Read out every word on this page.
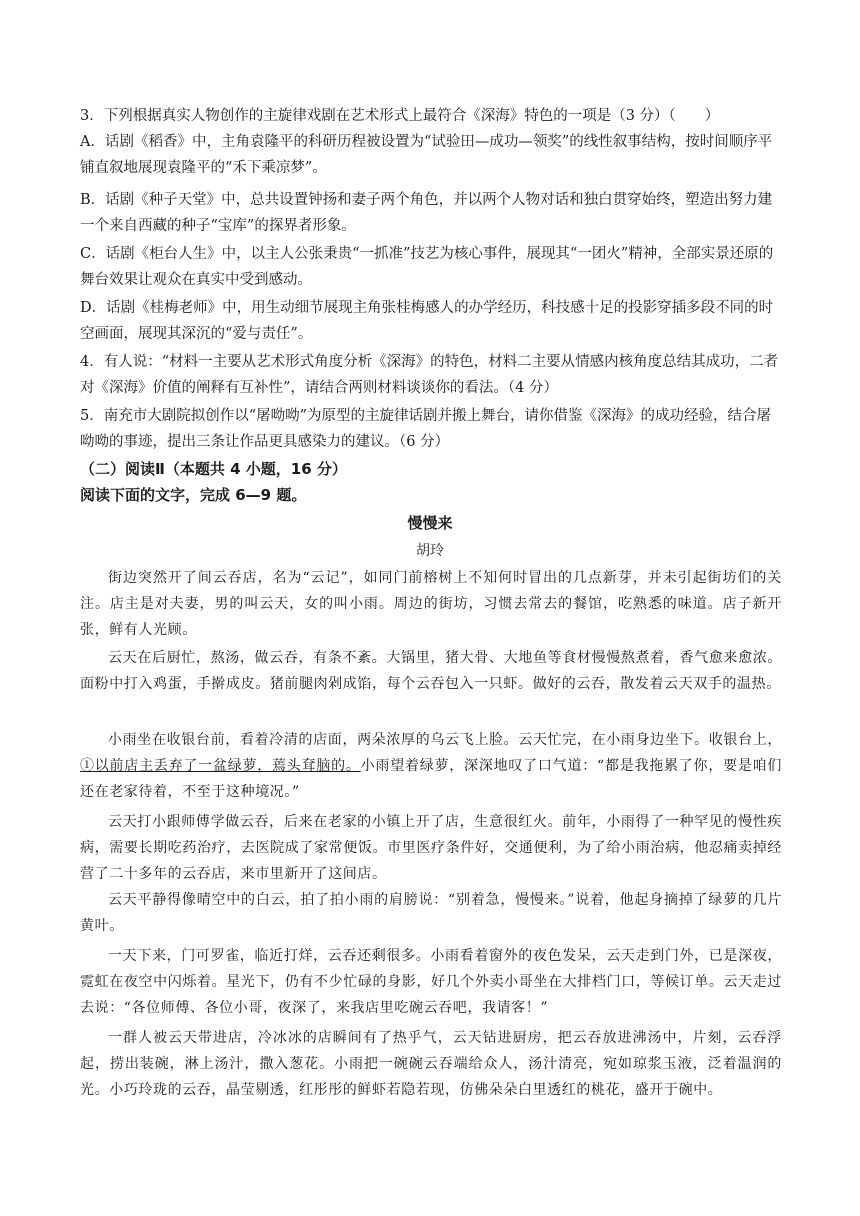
3．下列根据真实人物创作的主旋律戏剧在艺术形式上最符合《深海》特色的一项是（3 分）（　　）

A．话剧《稻香》中，主角袁隆平的科研历程被设置为“试验田—成功—领奖”的线性叙事结构，按时间顺序平铺直叙地展现袁隆平的“禾下乘凉梦”。

B．话剧《种子天堂》中，总共设置钟扬和妻子两个角色，并以两个人物对话和独白贯穿始终，塑造出努力建一个来自西藏的种子“宝库”的探界者形象。

C．话剧《柜台人生》中，以主人公张秉贵“一抓准”技艺为核心事件，展现其“一团火”精神，全部实景还原的舞台效果让观众在真实中受到感动。

D．话剧《桂梅老师》中，用生动细节展现主角张桂梅感人的办学经历，科技感十足的投影穿插多段不同的时空画面，展现其深沉的“爱与责任”。

4．有人说：“材料一主要从艺术形式角度分析《深海》的特色，材料二主要从情感内核角度总结其成功，二者对《深海》价值的阐释有互补性”，请结合两则材料谈谈你的看法。（4 分）

5．南充市大剧院拟创作以“屠呦呦”为原型的主旋律话剧并搬上舞台，请你借鉴《深海》的成功经验，结合屠呦呦的事迹，提出三条让作品更具感染力的建议。（6 分）

（二）阅读Ⅱ（本题共 4 小题，16 分）

阅读下面的文字，完成 6—9 题。

慢慢来

胡玲

街边突然开了间云吞店，名为“云记”，如同门前榕树上不知何时冒出的几点新芽，并未引起街坊们的关注。店主是对夫妻，男的叫云天，女的叫小雨。周边的街坊，习惯去常去的餐馆，吃熟悉的味道。店子新开张，鲜有人光顾。

云天在后厨忙，熬汤，做云吞，有条不紊。大锅里，猪大骨、大地鱼等食材慢慢熬煮着，香气愈来愈浓。面粉中打入鸡蛋，手擀成皮。猪前腿肉剁成馅，每个云吞包入一只虾。做好的云吞，散发着云天双手的温热。

小雨坐在收银台前，看着冷清的店面，两朵浓厚的乌云飞上脸。云天忙完，在小雨身边坐下。收银台上，①以前店主丢弃了一盆绿萝，蔫头耷脑的。小雨望着绿萝，深深地叹了口气道：“都是我拖累了你，要是咱们还在老家待着，不至于这种境况。”

云天打小跟师傅学做云吞，后来在老家的小镇上开了店，生意很红火。前年，小雨得了一种罕见的慢性疾病，需要长期吃药治疗，去医院成了家常便饭。市里医疗条件好，交通便利，为了给小雨治病，他忍痛卖掉经营了二十多年的云吞店，来市里新开了这间店。

云天平静得像晴空中的白云，拍了拍小雨的肩膀说：“别着急，慢慢来。”说着，他起身摘掉了绿萝的几片黄叶。

一天下来，门可罗雀，临近打烊，云吞还剩很多。小雨看着窗外的夜色发呆，云天走到门外，已是深夜，霓虹在夜空中闪烁着。星光下，仍有不少忙碌的身影，好几个外卖小哥坐在大排档门口，等候订单。云天走过去说：“各位师傅、各位小哥，夜深了，来我店里吃碗云吞吧，我请客！”

一群人被云天带进店，冷冰冰的店瞬间有了热乎气，云天钻进厨房，把云吞放进沸汤中，片刻，云吞浮起，捞出装碗，淋上汤汁，撒入葱花。小雨把一碗碗云吞端给众人，汤汁清亮，宛如琼浆玉液，泛着温润的光。小巧玲珑的云吞，晶莹剔透，红彤彤的鲜虾若隐若现，仿佛朵朵白里透红的桃花，盛开于碗中。
